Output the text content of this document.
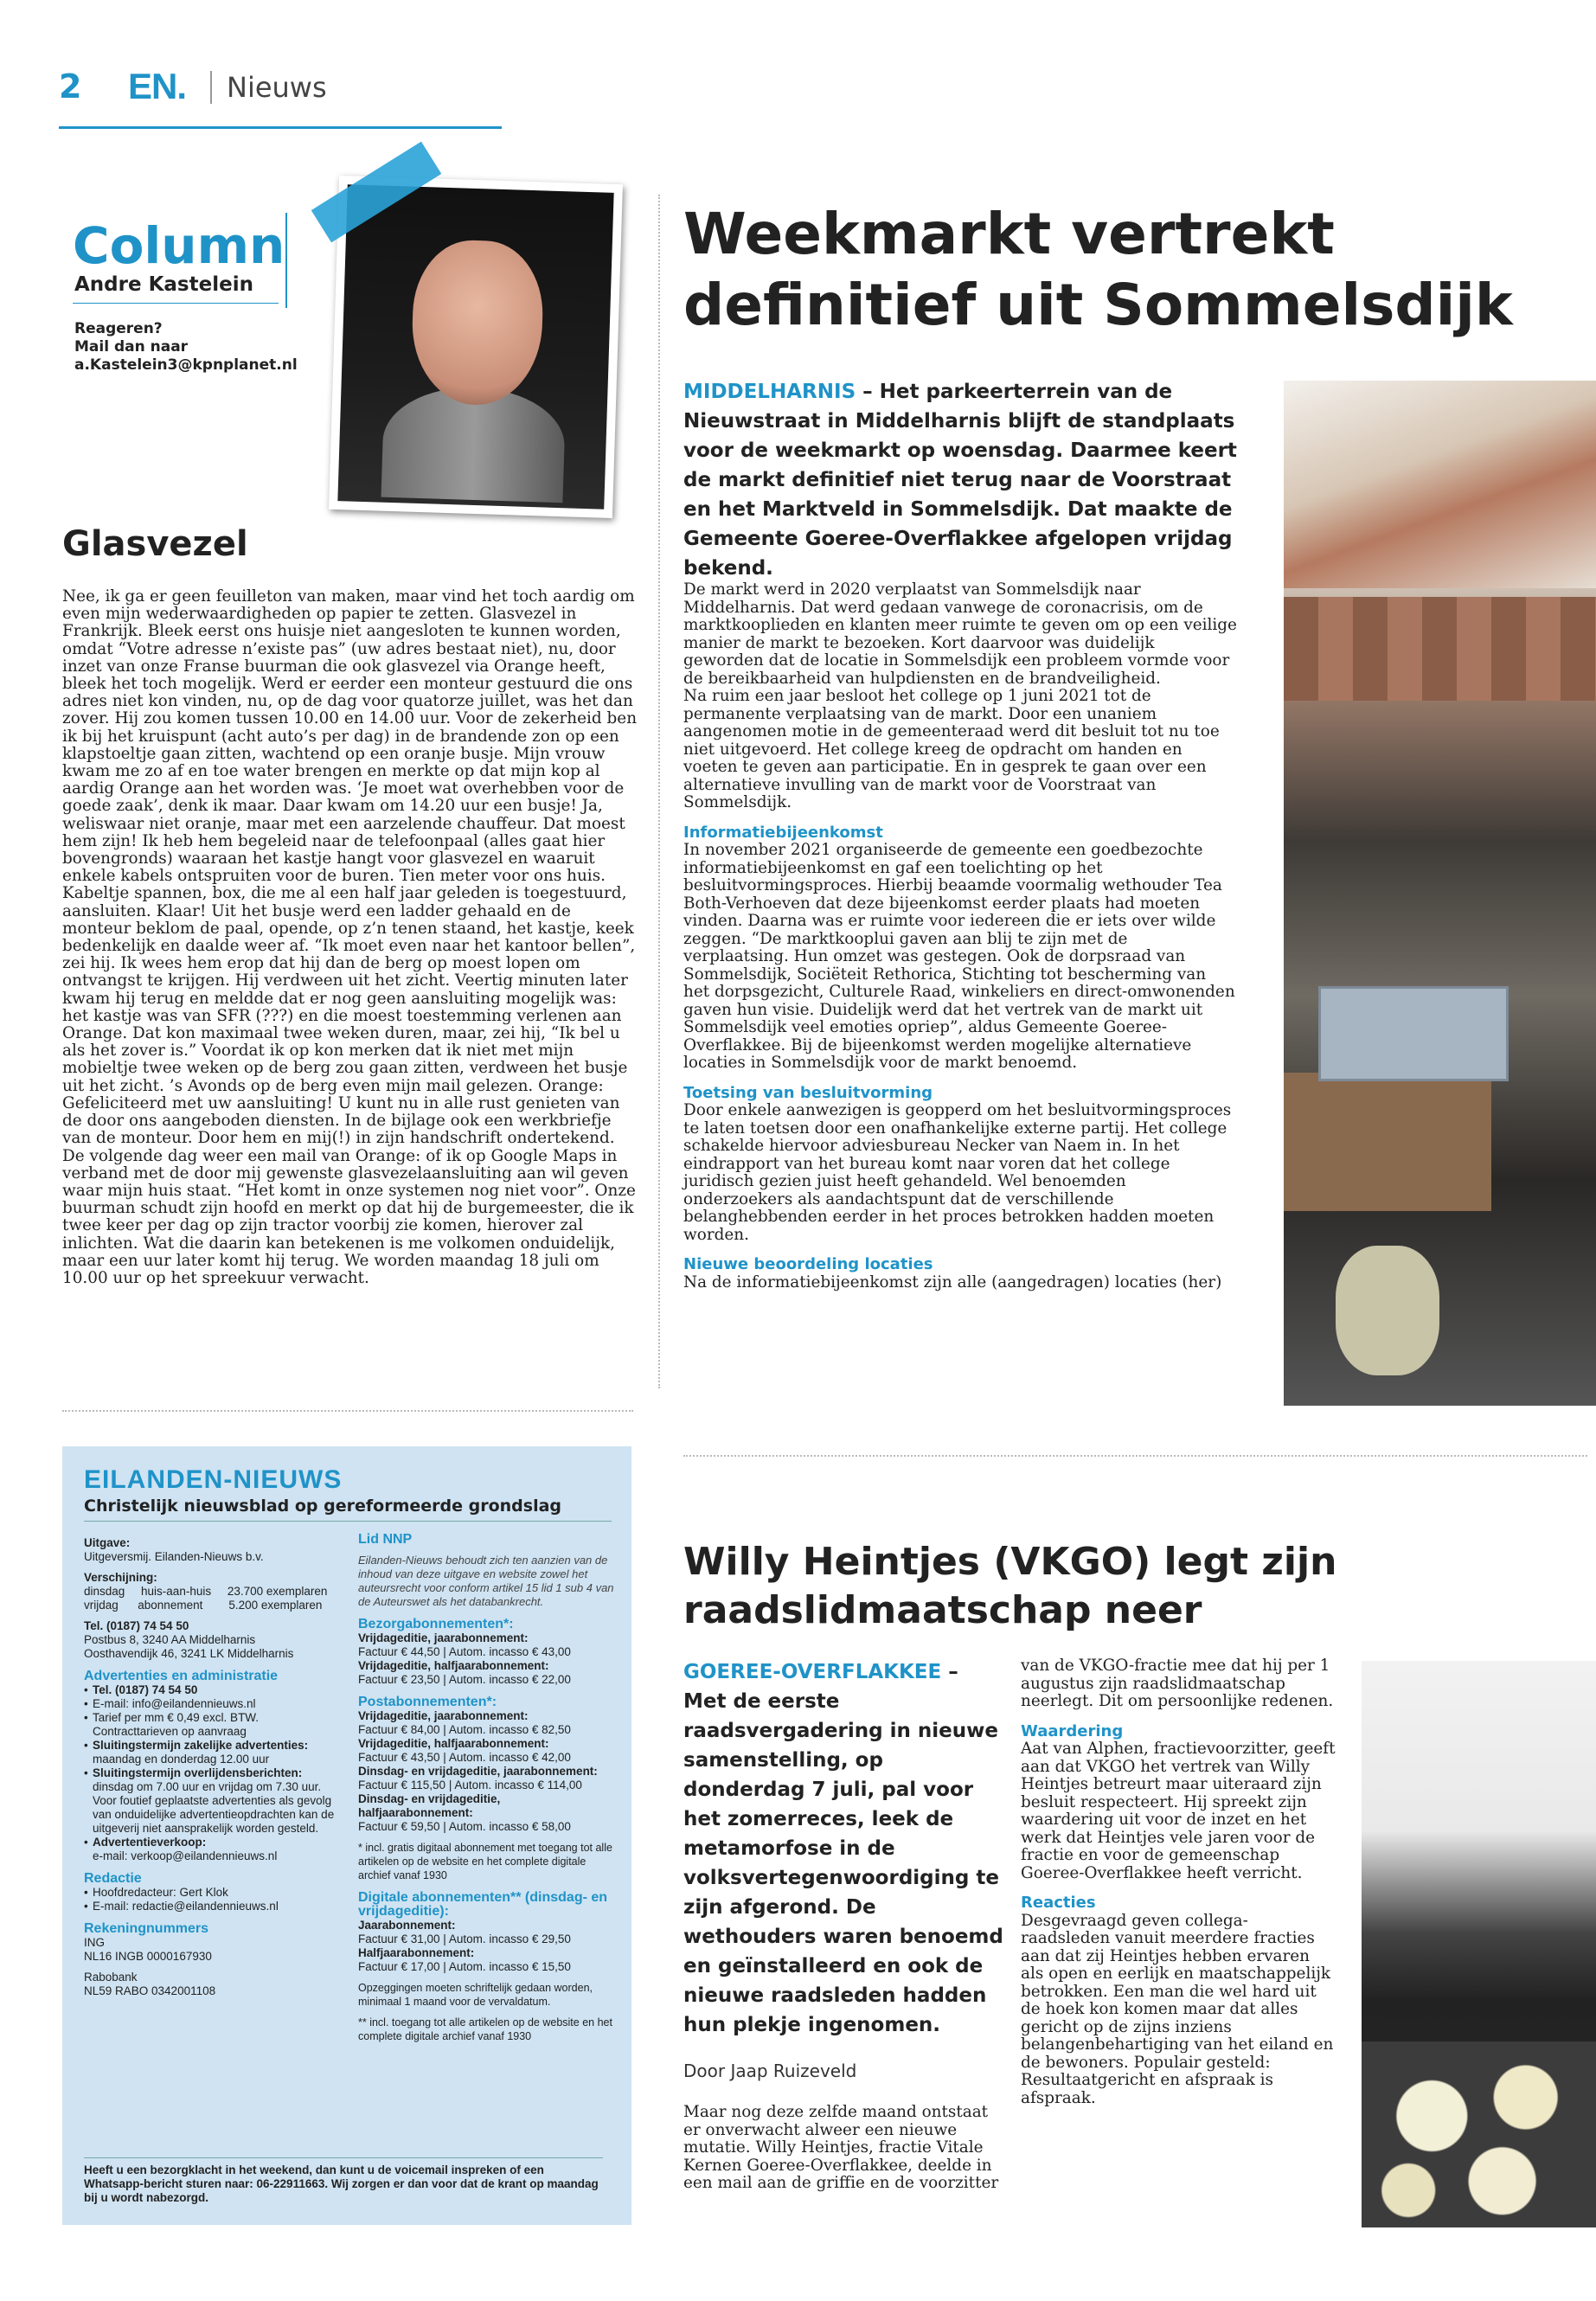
2 EN. Nieuws
Column
Andre Kastelein
Reageren?
Mail dan naar
a.Kastelein3@kpnplanet.nl
Glasvezel
Nee, ik ga er geen feuilleton van maken, maar vind het toch aardig om even mijn wederwaardigheden op papier te zetten. Glasvezel in Frankrijk. Bleek eerst ons huisje niet aangesloten te kunnen worden, omdat “Votre adresse n’existe pas” (uw adres bestaat niet), nu, door inzet van onze Franse buurman die ook glasvezel via Orange heeft, bleek het toch mogelijk. Werd er eerder een monteur gestuurd die ons adres niet kon vinden, nu, op de dag voor quatorze juillet, was het dan zover. Hij zou komen tussen 10.00 en 14.00 uur. Voor de zekerheid ben ik bij het kruispunt (acht auto’s per dag) in de brandende zon op een klapstoeltje gaan zitten, wachtend op een oranje busje. Mijn vrouw kwam me zo af en toe water brengen en merkte op dat mijn kop al aardig Orange aan het worden was. ‘Je moet wat overhebben voor de goede zaak’, denk ik maar. Daar kwam om 14.20 uur een busje! Ja, weliswaar niet oranje, maar met een aarzelende chauffeur. Dat moest hem zijn! Ik heb hem begeleid naar de telefoonpaal (alles gaat hier bovengronds) waaraan het kastje hangt voor glasvezel en waaruit enkele kabels ontspruiten voor de buren. Tien meter voor ons huis. Kabeltje spannen, box, die me al een half jaar geleden is toegestuurd, aansluiten. Klaar! Uit het busje werd een ladder gehaald en de monteur beklom de paal, opende, op z’n tenen staand, het kastje, keek bedenkelijk en daalde weer af. “Ik moet even naar het kantoor bellen”, zei hij. Ik wees hem erop dat hij dan de berg op moest lopen om ontvangst te krijgen. Hij verdween uit het zicht. Veertig minuten later kwam hij terug en meldde dat er nog geen aansluiting mogelijk was: het kastje was van SFR (???) en die moest toestemming verlenen aan Orange. Dat kon maximaal twee weken duren, maar, zei hij, “Ik bel u als het zover is.” Voordat ik op kon merken dat ik niet met mijn mobieltje twee weken op de berg zou gaan zitten, verdween het busje uit het zicht. ’s Avonds op de berg even mijn mail gelezen. Orange: Gefeliciteerd met uw aansluiting! U kunt nu in alle rust genieten van de door ons aangeboden diensten. In de bijlage ook een werkbriefje van de monteur. Door hem en mij(!) in zijn handschrift ondertekend. De volgende dag weer een mail van Orange: of ik op Google Maps in verband met de door mij gewenste glasvezelaansluiting aan wil geven waar mijn huis staat. “Het komt in onze systemen nog niet voor”. Onze buurman schudt zijn hoofd en merkt op dat hij de burgemeester, die ik twee keer per dag op zijn tractor voorbij zie komen, hierover zal inlichten. Wat die daarin kan betekenen is me volkomen onduidelijk, maar een uur later komt hij terug. We worden maandag 18 juli om 10.00 uur op het spreekuur verwacht.
Weekmarkt vertrekt definitief uit Sommelsdijk
MIDDELHARNIS – Het parkeerterrein van de Nieuwstraat in Middelharnis blijft de standplaats voor de weekmarkt op woensdag. Daarmee keert de markt definitief niet terug naar de Voorstraat en het Marktveld in Sommelsdijk. Dat maakte de Gemeente Goeree-Overflakkee afgelopen vrijdag bekend.
De markt werd in 2020 verplaatst van Sommelsdijk naar Middelharnis. Dat werd gedaan vanwege de coronacrisis, om de marktkooplieden en klanten meer ruimte te geven om op een veilige manier de markt te bezoeken. Kort daarvoor was duidelijk geworden dat de locatie in Sommelsdijk een probleem vormde voor de bereikbaarheid van hulpdiensten en de brandveiligheid.
Na ruim een jaar besloot het college op 1 juni 2021 tot de permanente verplaatsing van de markt. Door een unaniem aangenomen motie in de gemeenteraad werd dit besluit tot nu toe niet uitgevoerd. Het college kreeg de opdracht om handen en voeten te geven aan participatie. En in gesprek te gaan over een alternatieve invulling van de markt voor de Voorstraat van Sommelsdijk.
Informatiebijeenkomst
In november 2021 organiseerde de gemeente een goedbezochte informatiebijeenkomst en gaf een toelichting op het besluitvormingsproces. Hierbij beaamde voormalig wethouder Tea Both-Verhoeven dat deze bijeenkomst eerder plaats had moeten vinden. Daarna was er ruimte voor iedereen die er iets over wilde zeggen. “De marktkooplui gaven aan blij te zijn met de verplaatsing. Hun omzet was gestegen. Ook de dorpsraad van Sommelsdijk, Sociëteit Rethorica, Stichting tot bescherming van het dorpsgezicht, Culturele Raad, winkeliers en direct-omwonenden gaven hun visie. Duidelijk werd dat het vertrek van de markt uit Sommelsdijk veel emoties opriep”, aldus Gemeente Goeree-Overflakkee. Bij de bijeenkomst werden mogelijke alternatieve locaties in Sommelsdijk voor de markt benoemd.
Toetsing van besluitvorming
Door enkele aanwezigen is geopperd om het besluitvormingsproces te laten toetsen door een onafhankelijke externe partij. Het college schakelde hiervoor adviesbureau Necker van Naem in. In het eindrapport van het bureau komt naar voren dat het college juridisch gezien juist heeft gehandeld. Wel benoemden onderzoekers als aandachtspunt dat de verschillende belanghebbenden eerder in het proces betrokken hadden moeten worden.
Nieuwe beoordeling locaties
Na de informatiebijeenkomst zijn alle (aangedragen) locaties (her)
EILANDEN-NIEUWS
Christelijk nieuwsblad op gereformeerde grondslag
Uitgave:
Uitgeversmij. Eilanden-Nieuws b.v.
Verschijning:
dinsdag     huis-aan-huis     23.700 exemplaren
vrijdag      abonnement        5.200 exemplaren
Tel. (0187) 74 54 50
Postbus 8, 3240 AA Middelharnis
Oosthavendijk 46, 3241 LK Middelharnis
Advertenties en administratie
• Tel. (0187) 74 54 50
• E-mail: info@eilandennieuws.nl
• Tarief per mm € 0,49 excl. BTW.
Contracttarieven op aanvraag
• Sluitingstermijn zakelijke advertenties:
maandag en donderdag 12.00 uur
• Sluitingstermijn overlijdensberichten:
dinsdag om 7.00 uur en vrijdag om 7.30 uur.
Voor foutief geplaatste advertenties als gevolg van onduidelijke advertentieopdrachten kan de uitgeverij niet aansprakelijk worden gesteld.
• Advertentieverkoop:
e-mail: verkoop@eilandennieuws.nl
Redactie
• Hoofdredacteur: Gert Klok
• E-mail: redactie@eilandennieuws.nl
Rekeningnummers
ING
NL16 INGB 0000167930
Rabobank
NL59 RABO 0342001108
Lid NNP
Eilanden-Nieuws behoudt zich ten aanzien van de inhoud van deze uitgave en website zowel het auteursrecht voor conform artikel 15 lid 1 sub 4 van de Auteurswet als het databankrecht.
Bezorgabonnementen*:
Vrijdageditie, jaarabonnement:
Factuur € 44,50 | Autom. incasso € 43,00
Vrijdageditie, halfjaarabonnement:
Factuur € 23,50 | Autom. incasso € 22,00
Postabonnementen*:
Vrijdageditie, jaarabonnement:
Factuur € 84,00 | Autom. incasso € 82,50
Vrijdageditie, halfjaarabonnement:
Factuur € 43,50 | Autom. incasso € 42,00
Dinsdag- en vrijdageditie, jaarabonnement:
Factuur € 115,50 | Autom. incasso € 114,00
Dinsdag- en vrijdageditie, halfjaarabonnement:
Factuur € 59,50 | Autom. incasso € 58,00
* incl. gratis digitaal abonnement met toegang tot alle artikelen op de website en het complete digitale archief vanaf 1930
Digitale abonnementen** (dinsdag- en vrijdageditie):
Jaarabonnement:
Factuur € 31,00 | Autom. incasso € 29,50
Halfjaarabonnement:
Factuur € 17,00 | Autom. incasso € 15,50
Opzeggingen moeten schriftelijk gedaan worden, minimaal 1 maand voor de vervaldatum.
** incl. toegang tot alle artikelen op de website en het complete digitale archief vanaf 1930
Heeft u een bezorgklacht in het weekend, dan kunt u de voicemail inspreken of een Whatsapp-bericht sturen naar: 06-22911663. Wij zorgen er dan voor dat de krant op maandag bij u wordt nabezorgd.
Willy Heintjes (VKGO) legt zijn raadslidmaatschap neer
GOEREE-OVERFLAKKEE – Met de eerste raadsvergadering in nieuwe samenstelling, op donderdag 7 juli, pal voor het zomerreces, leek de metamorfose in de volksvertegenwoordiging te zijn afgerond. De wethouders waren benoemd en geïnstalleerd en ook de nieuwe raadsleden hadden hun plekje ingenomen.
Door Jaap Ruizeveld
Maar nog deze zelfde maand ontstaat er onverwacht alweer een nieuwe mutatie. Willy Heintjes, fractie Vitale Kernen Goeree-Overflakkee, deelde in een mail aan de griffie en de voorzitter
van de VKGO-fractie mee dat hij per 1 augustus zijn raadslidmaatschap neerlegt. Dit om persoonlijke redenen.
Waardering
Aat van Alphen, fractievoorzitter, geeft aan dat VKGO het vertrek van Willy Heintjes betreurt maar uiteraard zijn besluit respecteert. Hij spreekt zijn waardering uit voor de inzet en het werk dat Heintjes vele jaren voor de fractie en voor de gemeenschap Goeree-Overflakkee heeft verricht.
Reacties
Desgevraagd geven collega-raadsleden vanuit meerdere fracties aan dat zij Heintjes hebben ervaren als open en eerlijk en maatschappelijk betrokken. Een man die wel hard uit de hoek kon komen maar dat alles gericht op de zijns inziens belangenbehartiging van het eiland en de bewoners. Populair gesteld: Resultaatgericht en afspraak is afspraak.
